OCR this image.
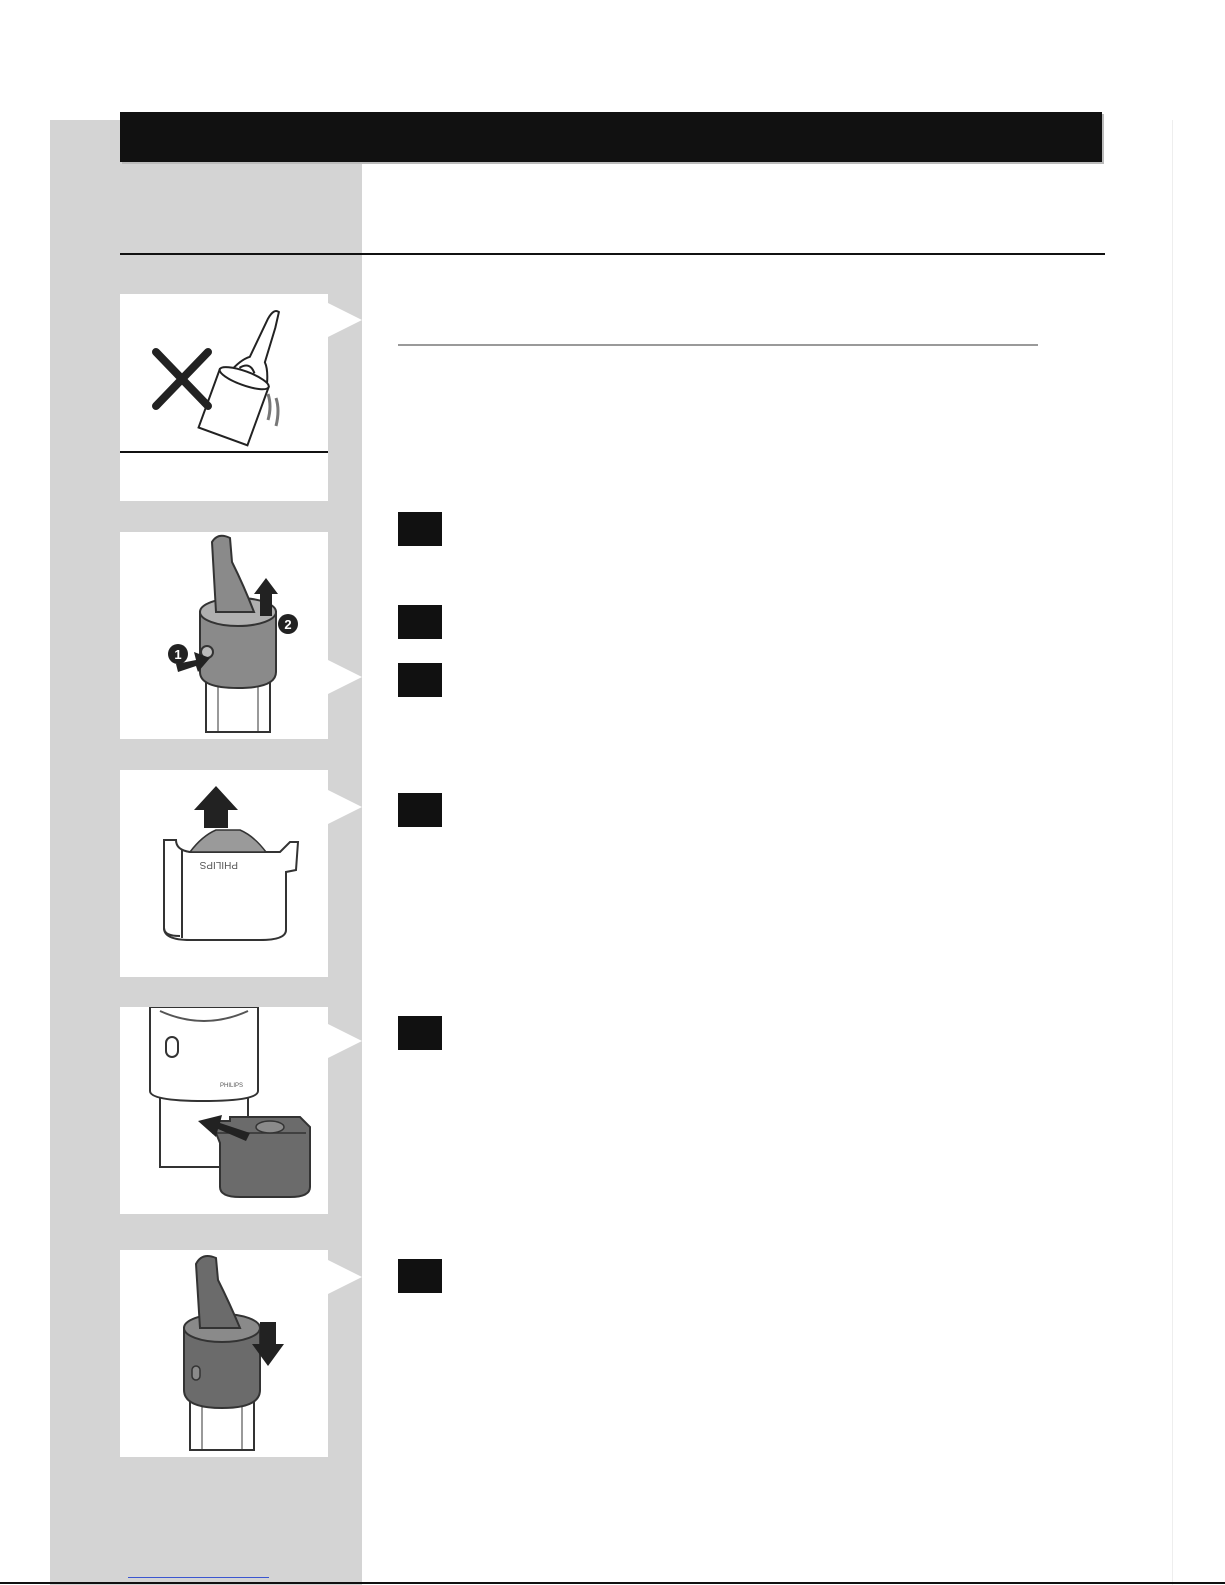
1
2
PHILIPS
PHILIPS
